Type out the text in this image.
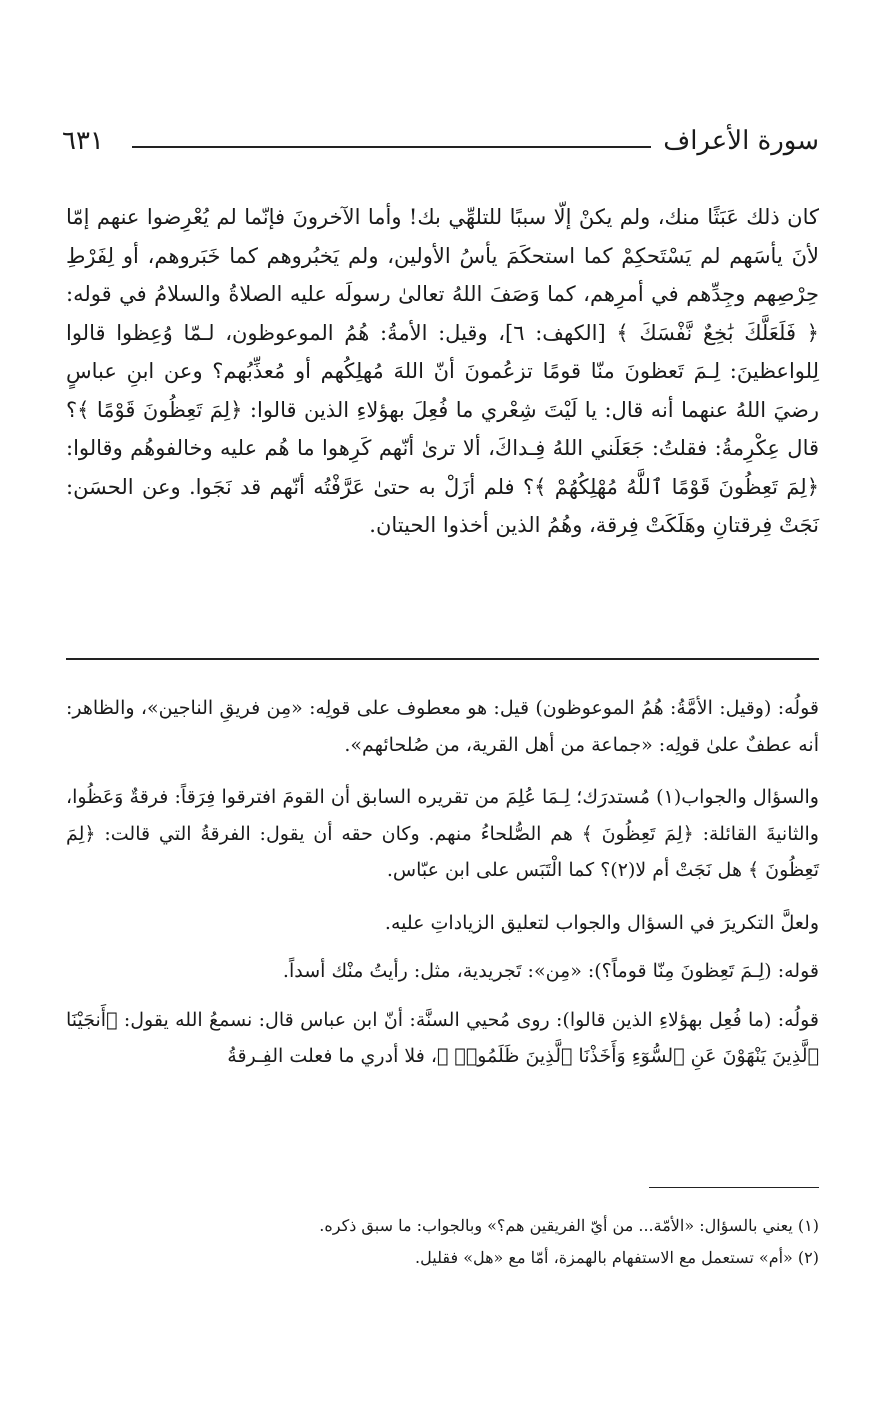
سورة الأعراف
٦٣١

كان ذلك عَبَثًا منك، ولم يكنْ إلّا سببًا للتلهِّي بك! وأما الآخرونَ فإنّما لم يُعْرِضوا عنهم إمّا لأنَ يأسَهم لم يَسْتَحكِمْ كما استحكَمَ يأسُ الأولين، ولم يَخبُروهم كما خَبَروهم، أو لِفَرْطِ حِرْصِهم وجِدِّهم في أمرِهم، كما وَصَفَ اللهُ تعالىٰ رسولَه عليه الصلاةُ والسلامُ في قوله: ﴿ فَلَعَلَّكَ بَٰخِعٌ نَّفْسَكَ ﴾ [الكهف: ٦]، وقيل: الأمةُ: هُمُ الموعوظون، لـمّا وُعِظوا قالوا لِلواعظينَ: لِـمَ تَعظونَ منّا قومًا تزعُمونَ أنّ اللهَ مُهلِكُهم أو مُعذِّبُهم؟ وعن ابنِ عباسٍ رضيَ اللهُ عنهما أنه قال: يا لَيْتَ شِعْري ما فُعِلَ بهؤلاءِ الذين قالوا: ﴿لِمَ تَعِظُونَ قَوْمًا ﴾؟ قال عِكْرِمةُ: فقلتُ: جَعَلَني اللهُ فِـداكَ، ألا ترىٰ أنّهم كَرِهوا ما هُم عليه وخالفوهُم وقالوا: ﴿لِمَ تَعِظُونَ قَوْمًا ٱللَّهُ مُهْلِكُهُمْ ﴾؟ فلم أزَلْ به حتىٰ عَرَّفْتُه أنّهم قد نَجَوا. وعن الحسَن: نَجَتْ فِرقتانِ وهَلَكَتْ فِرقة، وهُمُ الذين أخذوا الحيتان.

قولُه: (وقيل: الأمَّةُ: هُمُ الموعوظون) قيل: هو معطوف على قولِه: «مِن فريقِ الناجين»، والظاهر: أنه عطفٌ علىٰ قولِه: «جماعة من أهل القرية، من صُلحائهم».

والسؤال والجواب(١) مُستدرَك؛ لِـمَا عُلِمَ من تقريره السابق أن القومَ افترقوا فِرَقاً: فرقةٌ وَعَظُوا، والثانيةَ القائلة: ﴿لِمَ تَعِظُونَ ﴾ هم الصُّلحاءُ منهم. وكان حقه أن يقول: الفرقةُ التي قالت: ﴿لِمَ تَعِظُونَ ﴾ هل نَجَتْ أم لا(٢)؟ كما الْتَبَس على ابن عبّاس.

ولعلَّ التكريرَ في السؤال والجواب لتعليق الزياداتِ عليه.

قوله: (لِـمَ تَعِظونَ مِنّا قوماً؟): «مِن»: تَجريدية، مثل: رأيتُ منْك أسداً.

قولُه: (ما فُعِل بهؤلاءِ الذين قالوا): روى مُحيي السنَّة: أنّ ابن عباس قال: نسمعُ الله يقول: ﴿أَنجَيْنَا ٱلَّذِينَ يَنْهَوْنَ عَنِ ٱلسُّوٓءِ وَأَخَذْنَا ٱلَّذِينَ ظَلَمُوا۟ ﴾، فلا أدري ما فعلت الفِـرقةُ

(١) يعني بالسؤال: «الأمّة... من أيّ الفريقين هم؟» وبالجواب: ما سبق ذكره.

(٢) «أم» تستعمل مع الاستفهام بالهمزة، أمّا مع «هل» فقليل.
